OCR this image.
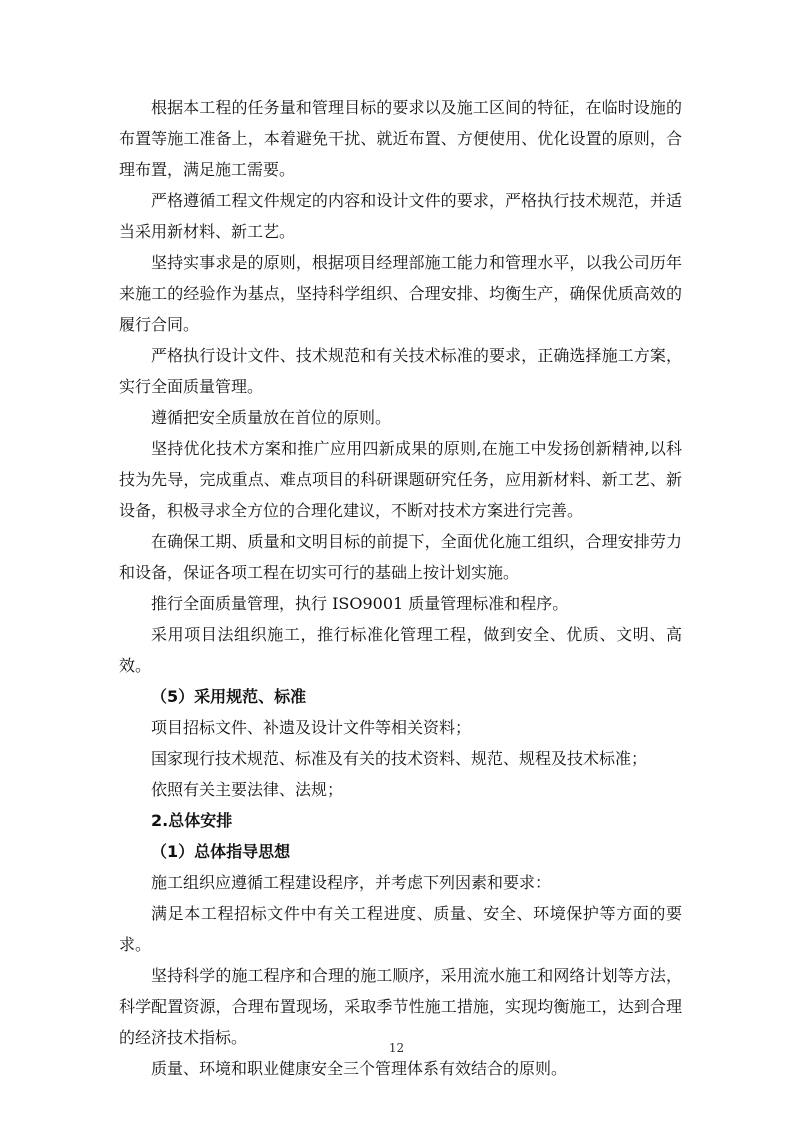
根据本工程的任务量和管理目标的要求以及施工区间的特征，在临时设施的布置等施工准备上，本着避免干扰、就近布置、方便使用、优化设置的原则，合理布置，满足施工需要。

严格遵循工程文件规定的内容和设计文件的要求，严格执行技术规范，并适当采用新材料、新工艺。

坚持实事求是的原则，根据项目经理部施工能力和管理水平，以我公司历年来施工的经验作为基点，坚持科学组织、合理安排、均衡生产，确保优质高效的履行合同。

严格执行设计文件、技术规范和有关技术标准的要求，正确选择施工方案，实行全面质量管理。

遵循把安全质量放在首位的原则。

坚持优化技术方案和推广应用四新成果的原则,在施工中发扬创新精神,以科技为先导，完成重点、难点项目的科研课题研究任务，应用新材料、新工艺、新设备，积极寻求全方位的合理化建议，不断对技术方案进行完善。

在确保工期、质量和文明目标的前提下，全面优化施工组织，合理安排劳力和设备，保证各项工程在切实可行的基础上按计划实施。

推行全面质量管理，执行 ISO9001 质量管理标准和程序。

采用项目法组织施工，推行标准化管理工程，做到安全、优质、文明、高效。

（5）采用规范、标准

项目招标文件、补遗及设计文件等相关资料；

国家现行技术规范、标准及有关的技术资料、规范、规程及技术标准；

依照有关主要法律、法规；

2.总体安排

（1）总体指导思想

施工组织应遵循工程建设程序，并考虑下列因素和要求：

满足本工程招标文件中有关工程进度、质量、安全、环境保护等方面的要求。

坚持科学的施工程序和合理的施工顺序，采用流水施工和网络计划等方法，科学配置资源，合理布置现场，采取季节性施工措施，实现均衡施工，达到合理的经济技术指标。

质量、环境和职业健康安全三个管理体系有效结合的原则。

12
